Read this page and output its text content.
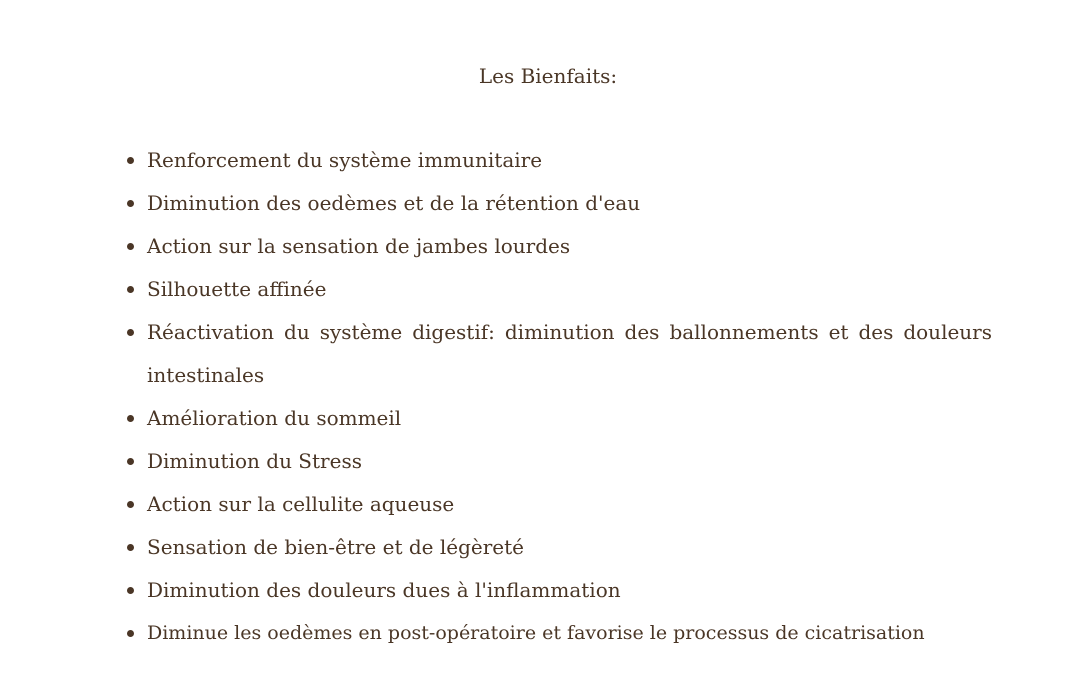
Les Bienfaits:
Renforcement du système immunitaire
Diminution des oedèmes et de la rétention d'eau
Action sur la sensation de jambes lourdes
Silhouette affinée
Réactivation du système digestif: diminution des ballonnements et des douleurs intestinales
Amélioration du sommeil
Diminution du Stress
Action sur la cellulite aqueuse
Sensation de bien-être et de légèreté
Diminution des douleurs dues à l'inflammation
Diminue les oedèmes en post-opératoire et favorise le processus de cicatrisation
